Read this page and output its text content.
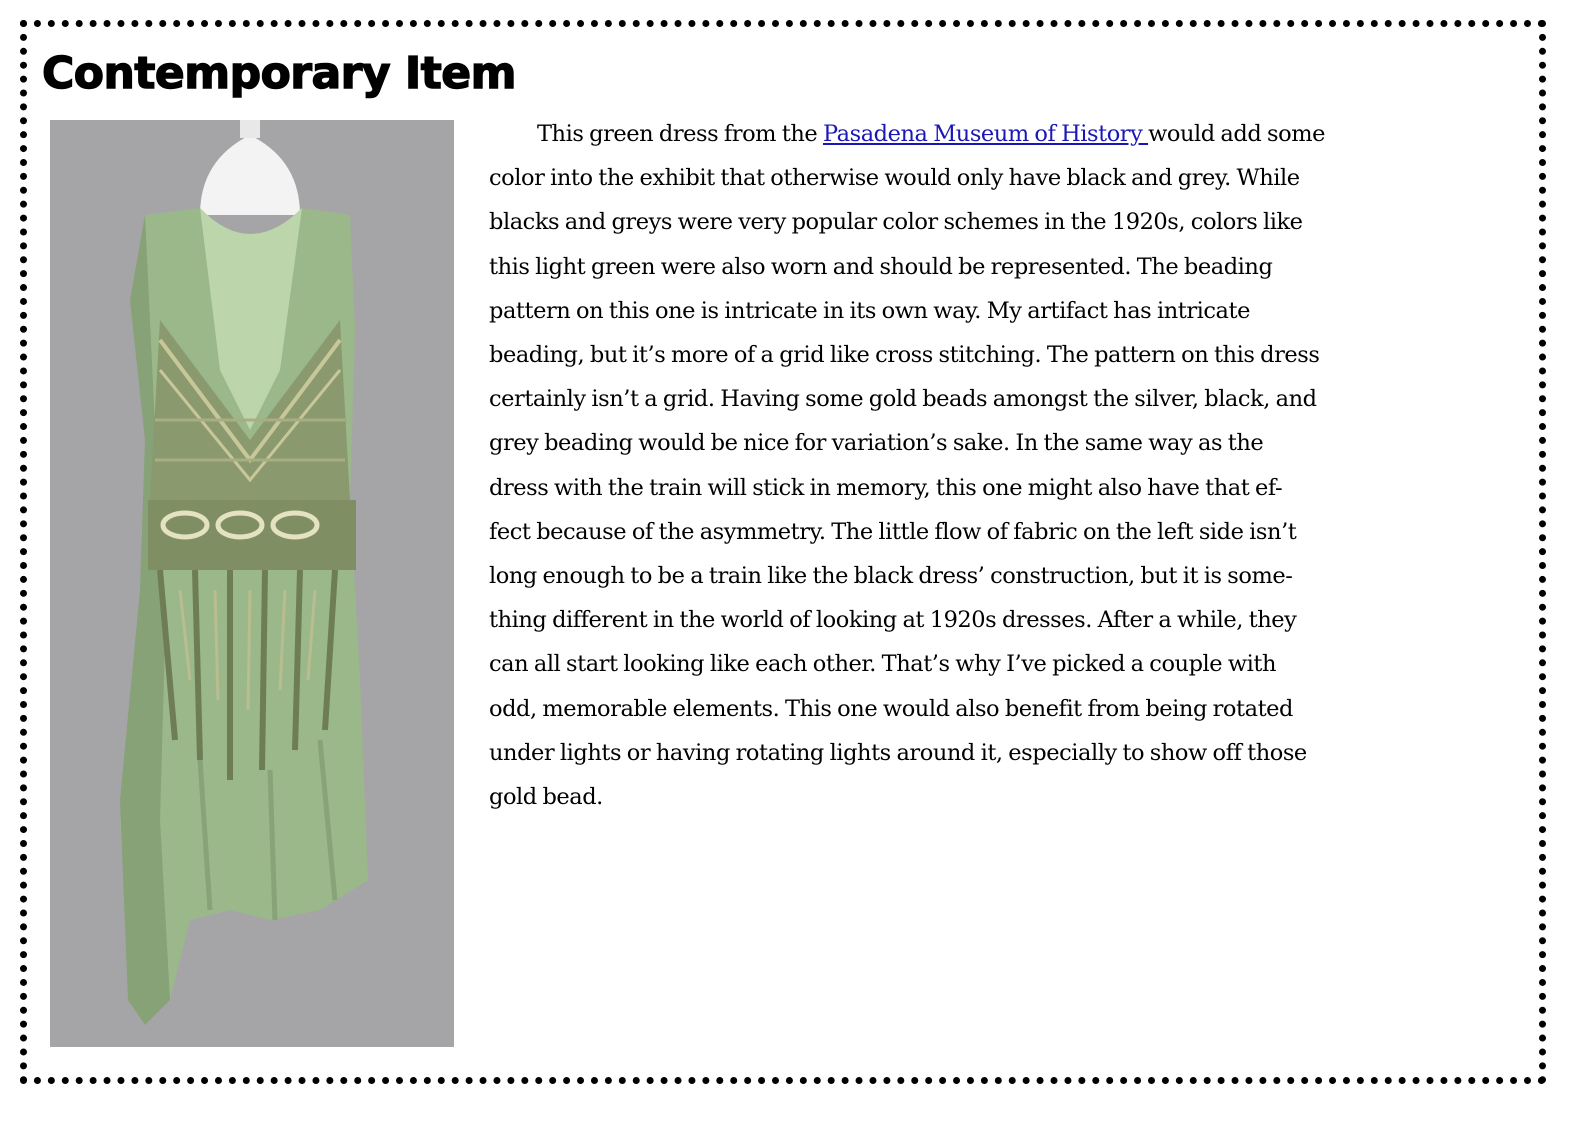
Contemporary Item
This green dress from the Pasadena Museum of History would add some
color into the exhibit that otherwise would only have black and grey. While
blacks and greys were very popular color schemes in the 1920s, colors like
this light green were also worn and should be represented. The beading
pattern on this one is intricate in its own way. My artifact has intricate
beading, but it’s more of a grid like cross stitching. The pattern on this dress
certainly isn’t a grid. Having some gold beads amongst the silver, black, and
grey beading would be nice for variation’s sake. In the same way as the
dress with the train will stick in memory, this one might also have that ef-
fect because of the asymmetry. The little flow of fabric on the left side isn’t
long enough to be a train like the black dress’ construction, but it is some-
thing different in the world of looking at 1920s dresses. After a while, they
can all start looking like each other. That’s why I’ve picked a couple with
odd, memorable elements. This one would also benefit from being rotated
under lights or having rotating lights around it, especially to show off those
gold bead.
